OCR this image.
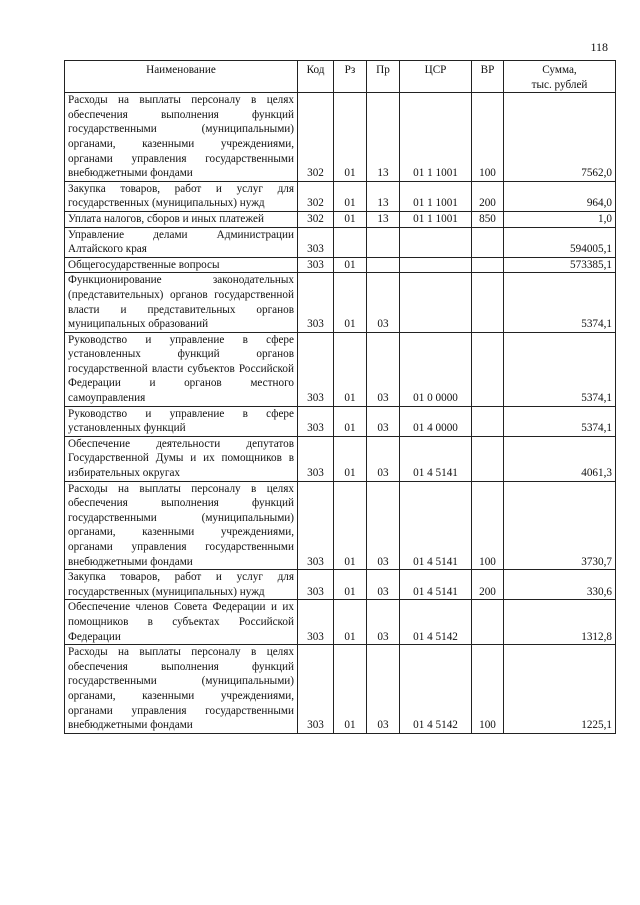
118
Наименование	Код	Рз	Пр	ЦСР	ВР	Сумма,
тыс. рублей
Расходы на выплаты персоналу в целях обеспечения выполнения функций государственными (муниципальными) органами, казенными учреждениями, органами управления государственными внебюджетными фондами	302	01	13	01 1 1001	100	7562,0
Закупка товаров, работ и услуг для государственных (муниципальных) нужд	302	01	13	01 1 1001	200	964,0
Уплата налогов, сборов и иных платежей	302	01	13	01 1 1001	850	1,0
Управление делами Администрации Алтайского края	303					594005,1
Общегосударственные вопросы	303	01				573385,1
Функционирование законодательных (представительных) органов государственной власти и представительных органов муниципальных образований	303	01	03			5374,1
Руководство и управление в сфере установленных функций органов государственной власти субъектов Российской Федерации и органов местного самоуправления	303	01	03	01 0 0000		5374,1
Руководство и управление в сфере установленных функций	303	01	03	01 4 0000		5374,1
Обеспечение деятельности депутатов Государственной Думы и их помощников в избирательных округах	303	01	03	01 4 5141		4061,3
Расходы на выплаты персоналу в целях обеспечения выполнения функций государственными (муниципальными) органами, казенными учреждениями, органами управления государственными внебюджетными фондами	303	01	03	01 4 5141	100	3730,7
Закупка товаров, работ и услуг для государственных (муниципальных) нужд	303	01	03	01 4 5141	200	330,6
Обеспечение членов Совета Федерации и их помощников в субъектах Российской Федерации	303	01	03	01 4 5142		1312,8
Расходы на выплаты персоналу в целях обеспечения выполнения функций государственными (муниципальными) органами, казенными учреждениями, органами управления государственными внебюджетными фондами	303	01	03	01 4 5142	100	1225,1
